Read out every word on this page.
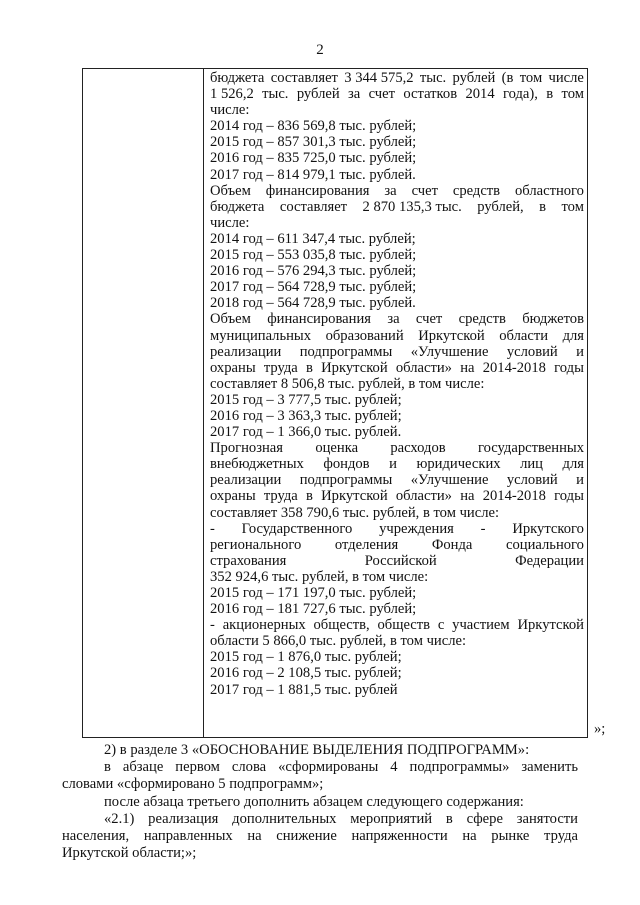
2
бюджета составляет 3 344 575,2 тыс. рублей (в том числе
1 526,2 тыс. рублей за счет остатков 2014 года), в том
числе:
2014 год – 836 569,8 тыс. рублей;
2015 год – 857 301,3 тыс. рублей;
2016 год – 835 725,0 тыс. рублей;
2017 год – 814 979,1 тыс. рублей.
Объем финансирования за счет средств областного
бюджета составляет 2 870 135,3 тыс. рублей, в том
числе:
2014 год – 611 347,4 тыс. рублей;
2015 год – 553 035,8 тыс. рублей;
2016 год – 576 294,3 тыс. рублей;
2017 год – 564 728,9 тыс. рублей;
2018 год – 564 728,9 тыс. рублей.
Объем финансирования за счет средств бюджетов
муниципальных образований Иркутской области для
реализации подпрограммы «Улучшение условий и
охраны труда в Иркутской области» на 2014-2018 годы
составляет 8 506,8 тыс. рублей, в том числе:
2015 год – 3 777,5 тыс. рублей;
2016 год – 3 363,3 тыс. рублей;
2017 год – 1 366,0 тыс. рублей.
Прогнозная оценка расходов государственных
внебюджетных фондов и юридических лиц для
реализации подпрограммы «Улучшение условий и
охраны труда в Иркутской области» на 2014-2018 годы
составляет 358 790,6 тыс. рублей, в том числе:
- Государственного учреждения - Иркутского
регионального отделения Фонда социального
страхования	Российской	Федерации
352 924,6 тыс. рублей, в том числе:
2015 год – 171 197,0 тыс. рублей;
2016 год – 181 727,6 тыс. рублей;
- акционерных обществ, обществ с участием Иркутской
области 5 866,0 тыс. рублей, в том числе:
2015 год – 1 876,0 тыс. рублей;
2016 год – 2 108,5 тыс. рублей;
2017 год – 1 881,5 тыс. рублей
»;
2) в разделе 3 «ОБОСНОВАНИЕ ВЫДЕЛЕНИЯ ПОДПРОГРАММ»:
в абзаце первом слова «сформированы 4 подпрограммы» заменить
словами «сформировано 5 подпрограмм»;
после абзаца третьего дополнить абзацем следующего содержания:
«2.1) реализация дополнительных мероприятий в сфере занятости
населения, направленных на снижение напряженности на рынке труда
Иркутской области;»;
